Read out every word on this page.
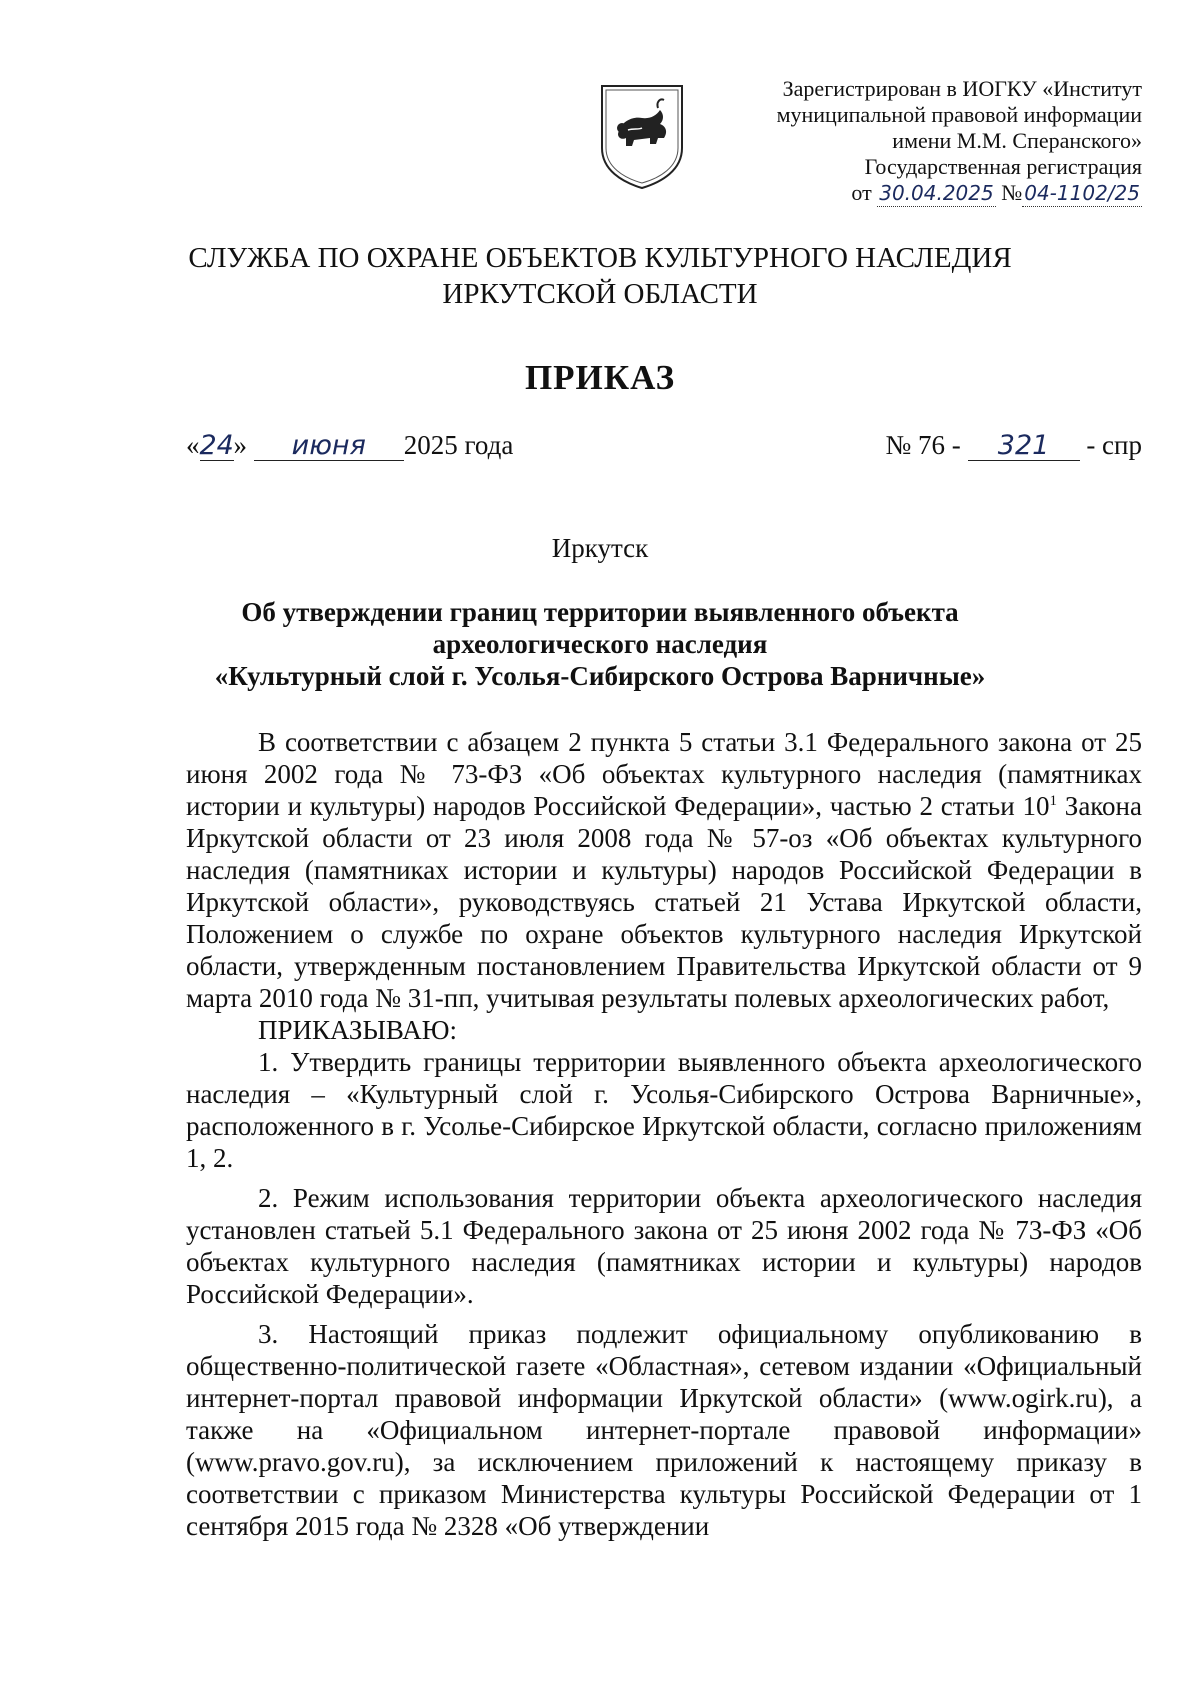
Зарегистрирован в ИОГКУ «Институт
муниципальной правовой информации
имени М.М. Сперанского»
Государственная регистрация
от 30.04.2025 № 04-1102/25
СЛУЖБА ПО ОХРАНЕ ОБЪЕКТОВ КУЛЬТУРНОГО НАСЛЕДИЯ
ИРКУТСКОЙ ОБЛАСТИ
ПРИКАЗ
«24» июня 2025 года	№ 76 - 321 - спр
Иркутск
Об утверждении границ территории выявленного объекта
археологического наследия
«Культурный слой г. Усолья-Сибирского Острова Варничные»

В соответствии с абзацем 2 пункта 5 статьи 3.1 Федерального закона от 25 июня 2002 года № 73-ФЗ «Об объектах культурного наследия (памятниках истории и культуры) народов Российской Федерации», частью 2 статьи $10^1$ Закона Иркутской области от 23 июля 2008 года № 57-оз «Об объектах культурного наследия (памятниках истории и культуры) народов Российской Федерации в Иркутской области», руководствуясь статьей 21 Устава Иркутской области, Положением о службе по охране объектов культурного наследия Иркутской области, утвержденным постановлением Правительства Иркутской области от 9 марта 2010 года № 31-пп, учитывая результаты полевых археологических работ,

ПРИКАЗЫВАЮ:

1. Утвердить границы территории выявленного объекта археологического наследия – «Культурный слой г. Усолья-Сибирского Острова Варничные», расположенного в г. Усолье-Сибирское Иркутской области, согласно приложениям 1, 2.

2. Режим использования территории объекта археологического наследия установлен статьей 5.1 Федерального закона от 25 июня 2002 года № 73-ФЗ «Об объектах культурного наследия (памятниках истории и культуры) народов Российской Федерации».

3. Настоящий приказ подлежит официальному опубликованию в общественно-политической газете «Областная», сетевом издании «Официальный интернет-портал правовой информации Иркутской области» (www.ogirk.ru), а также на «Официальном интернет-портале правовой информации» (www.pravo.gov.ru), за исключением приложений к настоящему приказу в соответствии с приказом Министерства культуры Российской Федерации от 1 сентября 2015 года № 2328 «Об утверждении
